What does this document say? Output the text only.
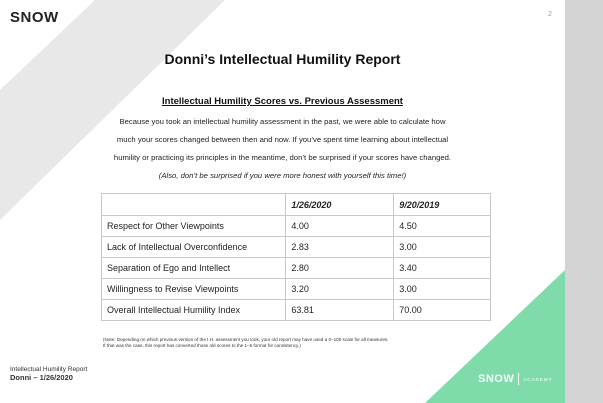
SNOW	2
Donni’s Intellectual Humility Report
Intellectual Humility Scores vs. Previous Assessment
Because you took an intellectual humility assessment in the past, we were able to calculate how
much your scores changed between then and now. If you’ve spent time learning about intellectual
humility or practicing its principles in the meantime, don’t be surprised if your scores have changed.
(Also, don’t be surprised if you were more honest with yourself this time!)
	1/26/2020	9/20/2019
Respect for Other Viewpoints	4.00	4.50
Lack of Intellectual Overconfidence	2.83	3.00
Separation of Ego and Intellect	2.80	3.40
Willingness to Revise Viewpoints	3.20	3.00
Overall Intellectual Humility Index	63.81	70.00
(Note: Depending on which previous version of the I.H. assessment you took, your old report may have used a 0–100 scale for all measures.
If that was the case, this report has converted those old scores to the 1–5 format for consistency.)
Intellectual Humility Report
Donni – 1/26/2020	SNOW ACADEMY
